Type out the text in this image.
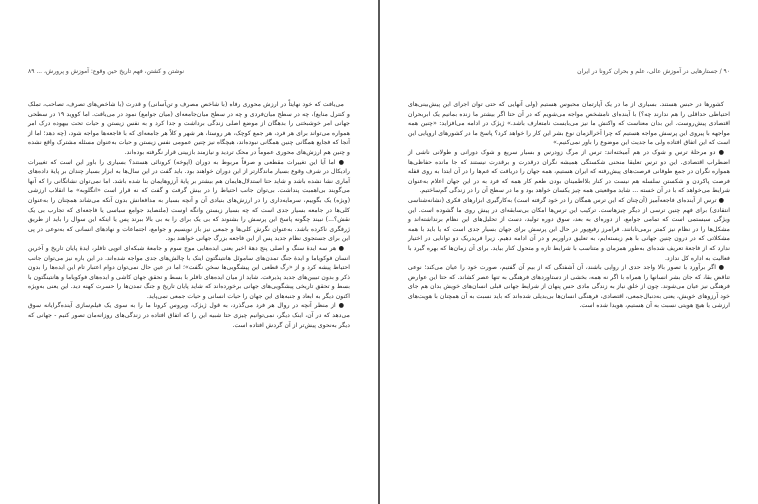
نوشتن و کشتن، فهم تاریخ حین وقوع: آموزش و پرورش، ... ۸۹

می‌یافت که خود نهایتاً در ارزش محوری رفاه (با شاخص مصرف و تن‌آسانی) و قدرت (با شاخص‌های تصرف، تصاحب، تملک و کنترل منابع)، چه در سطح میان‌فردی و چه در سطح میان‌جامعه‌ای (میان جوامع) نمود در می‌یافت. اما کووید ۱۹ در سطحی جهانی امر خوشبختی را بدهگان از موضع اصلی زندگی برداشت و جدا کرد و به نفس زیستن و حیات تحت بیهوده درک امر همواره می‌تواند برای هر فرد، هر جمع کوچک، هر روستا، هر شهر و کلاً هر جامعه‌ای که با فاجعه‌ها مواجه شود، (چه دهد؛ اما از آنجا که فجایع همگانی چنین همگانی نبوده‌اند، هیچگاه نیز چنین عمومی نفس زیستن و حیات به‌عنوان مسئله مشترک واقع نشده و چنین هم ارزش‌های محوری عموماً در محک تردید و نیازمند بازبینی قرار نگرفته بوده‌اند.

● اما آیا این تغییرات مقطعی و صرفاً مربوط به دوران (اپوخه) کرونائی هستند؟ بسیاری را باور این است که تغییرات رادیکال در شرف وقوع بسیار ماندگارتر از این دوران خواهند بود. باید گفت در این سال‌ها به ابزار بسیار چندان بر پایهٔ داده‌های آماری نشا نشده باشد و شاید حتا استدلال‌هایمان هم بیشتر بر پایهٔ آرزوهایمان بنا شده باشد. اما نمی‌توان نشانگانی را که آنها می‌گویند بی‌اهمیت پنداشت. بی‌توان جانب احتیاط را در بیش گرفت و گفت که نه قرار است «انگلوبه» ما انقلاب ارزشی (ویژه) یک بگوییم، سرمایه‌داری را در ارزش‌های بنیادی آن و آنچه بسیار به مدافعانش بدون آنکه می‌شاند همچنان را به‌عنوان کلی‌ها در جامعه بسیار جدی است که چه بسیار زیستن وانگه اوست (ملتصاید جوامع سیاسی یا فاجعه‌ای که تجارب بی یک نقش؟...) نبیند چگونه پاسخ این پرسش را بشنوند که بی یک برای را به بی بالا ببرند پس یا اینکه این سوال را باید از طریق ژرفگری ناکرده باشد. به‌عنوان نگرش کلی‌ها و جمعی نیز باز نویسیم و جوامع، اجتماعات و نهادهای انسانی که به‌نوعی در پی این برای جستجوی نظام جدید پس از این فاجعه بزرگ جهانی خواهند بود.

● هر سه ایدهٔ سنگ و اصلی پنج دههٔ اخیر یعنی ایده‌هایی موج سوم و جامعهٔ شبکه‌ای اتوپی تافلر، ایدهٔ پایان تاریخ و آخرین انسان فوکویاما و ایدهٔ جنگ تمدن‌های ساموئل هانتینگتون اینک با چالش‌های جدی مواجه شده‌اند. در این باره نیز می‌توان جانب احتیاط پیشه کرد و از «رگ قطعی این پیشگویی‌ها سخن نگفت»؛ اما در عین حال نمی‌توان دوام اعتبار تام این ایده‌ها را بدون ذکر و بدون تبیین‌های جدید پذیرفت. شاید از میان ایده‌های تافلر با بسط و تحقق جهان کاشی و ایده‌های فوکویاما و هانتینگتون با بسط و تحقق تاریخی پیشگویی‌های جهانی برخورده‌اند که شاید پایان تاریخ و جنگ تمدن‌ها را حسرت کهنه دید. این یعنی به‌ویژه اکنون دیگر به ابعاد و جنبه‌های این جهان را حیات انسانی و حیات جمعی نمی‌پاید.

● از منظر آنچه در روال هر فرد می‌گذرد، به قول ژیژک، ویروس کرونا ما را به سوی یک فیلم‌سازی آینده‌گرایانه سوق می‌دهد که در آن، اینک دیگر، نمی‌توانیم چیزی حتا شبیه این را که اتفاق افتاده در زندگی‌های روزانه‌مان تصور کنیم - جهانی که دیگر به‌نحوی پیش‌تر از آن گردش افتاده است.

۹۰ / جستارهایی در آموزش عالی، علم و بحران کرونا در ایران

کشورها در حبس هستند. بسیاری از ما در یک آپارتمان محبوس هستیم (ولی آنهایی که حتی توان اجرای این پیش‌بینی‌های احتیاطی حداقلی را هم ندارند چه؟) با آینده‌ای نامشخص مواجه می‌شویم که در آن حتا اگر بیشتر ما زنده بمانیم یک ابربحران اقتصادی پیش‌روست. این بدان معناست که واکنش ما نیز می‌بایست نامتعارف باشد.» ژیژک در ادامه می‌افزاید: «چنین همه مواجهه با پیروی این پرسش مواجه هستیم که چرا آخرالزمان نوع بشر این کار را خواهد کرد؟ پاسخ ما در کشورهای اروپایی این است که این اتفاق افتاده ولی ما جدیت این موضوع را باور نمی‌کنیم.»

● دو مرحلهٔ ترس و شوک در هم آمیخته‌اند: ترس از مرگ زودرس و بسیار سریع و شوک دورانی و طولانی ناشی از اضطراب اقتصادی. این دو ترس تعلیقا منحنی شکستگی همیشه نگران درقدرت و برقدرت نیستند که جا مانده حفاظی‌ها همواره نگران در جمع طوفانی فرصت‌های پیش‌رفته که ایران هستیم، همه جهان را دریافت که غم‌ها را در آن ابتدا به روی قفله فرصت پاکردن و شکستن سلسله هم نیست در کنار بلااطمینان بودن طعم کار همه که فرد به در این جهان اعلام به‌عنوان شرایط می‌خواهد که با در آن خسته ... شاید موقعیتی همه چیز یکسان خواهد بود و ما در سطح آن را در زندگی گم‌ساختیم.

● ترس از آینده‌ای فاجعه‌آمیز (آن‌چنان که این ترس همگان را در خود گرفته است) به‌کارگیری ابزارهای فکری (نشانه‌شناسی انتقادی) برای فهم چنین ترسی از دیگر چیزهاست. ترکیب این ترس‌ها امکان بی‌سابقه‌ای در پیش روی ما گشوده است. این ویژگی سیستمی است که تمامی جوامع، از دوره‌ای به بعد، سوق دوره تولید، دست از تحلیل‌های این نظام برنداشته‌اند و مشکل‌ها را در نظام نیز کمتر برمی‌تابانند. فرامرز رفیع‌پور در حال این پرسش برای جهان بسیار جدی است که یا باید با همه مشکلاتی که در درون چنین جهانی با هم زیسته‌ایم، به تعلیق دراوریم و در آن ادامه دهیم. زیرا فریدریک دو توانایی در اختیار ندارد که از فاجعهٔ تعریف شده‌ای به‌طور همزمان و متناسب با شرایط تازه و متحول کنار بیاید. برای آن زمان‌ها که بهره گیرد با فعالیت به اداره کل ندازد.

● اگر برآورد یا تصور بالا واجد حدی از روایی باشند، آن آشفتگی که از بیم آن گفتیم، صورت خود را عیان می‌کند؛ نوعی تناقض بقا، که جان بشر انسانها را همراه با اگر نه همه، بخشی از دستاوردهای فرهنگی به تنها عصر کشاند. که حتا این عوارض فرهنگی نیز عیان می‌شوند. چون از خلق نیاز به زندگی مادی حس پنهان از شرایط جهانی قبلی انسان‌های خویش بدان هم جای خود آرزوهای خویش، یعنی به‌دنبال‌جمعی، اقتصادی، فرهنگی انسان‌ها بی‌بدیلی شده‌اند که باید نسبت به آن همچنان با هویت‌های ارزشی یا هیچ هویتی نسبت به آن هستیم، هویدا شده است.
